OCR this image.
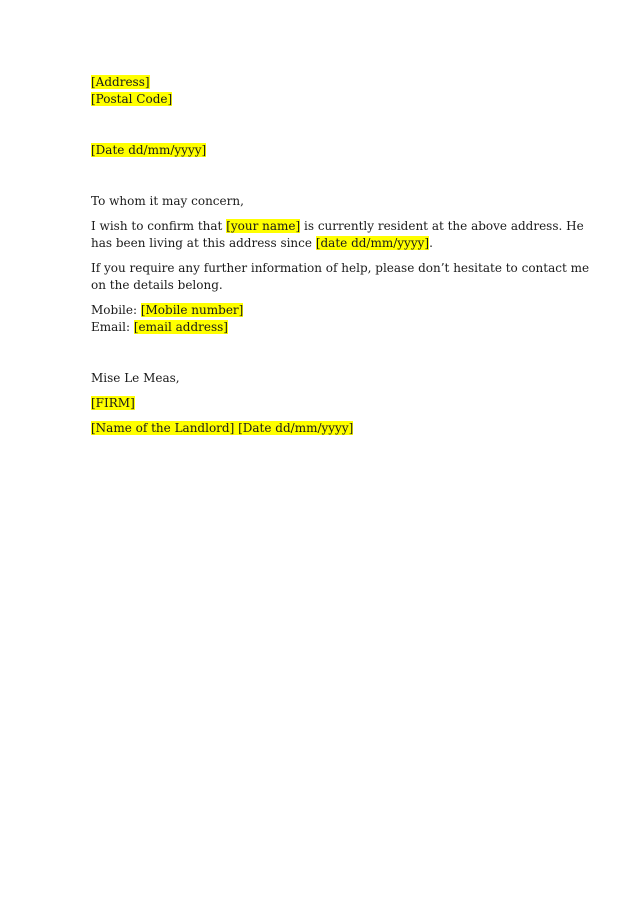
[Address]
[Postal Code]
[Date dd/mm/yyyy]

To whom it may concern,

I wish to confirm that [your name] is currently resident at the above address. He
has been living at this address since [date dd/mm/yyyy].

If you require any further information of help, please don’t hesitate to contact me
on the details belong.

Mobile: [Mobile number]
Email: [email address]

Mise Le Meas,

[FIRM]

[Name of the Landlord] [Date dd/mm/yyyy]
